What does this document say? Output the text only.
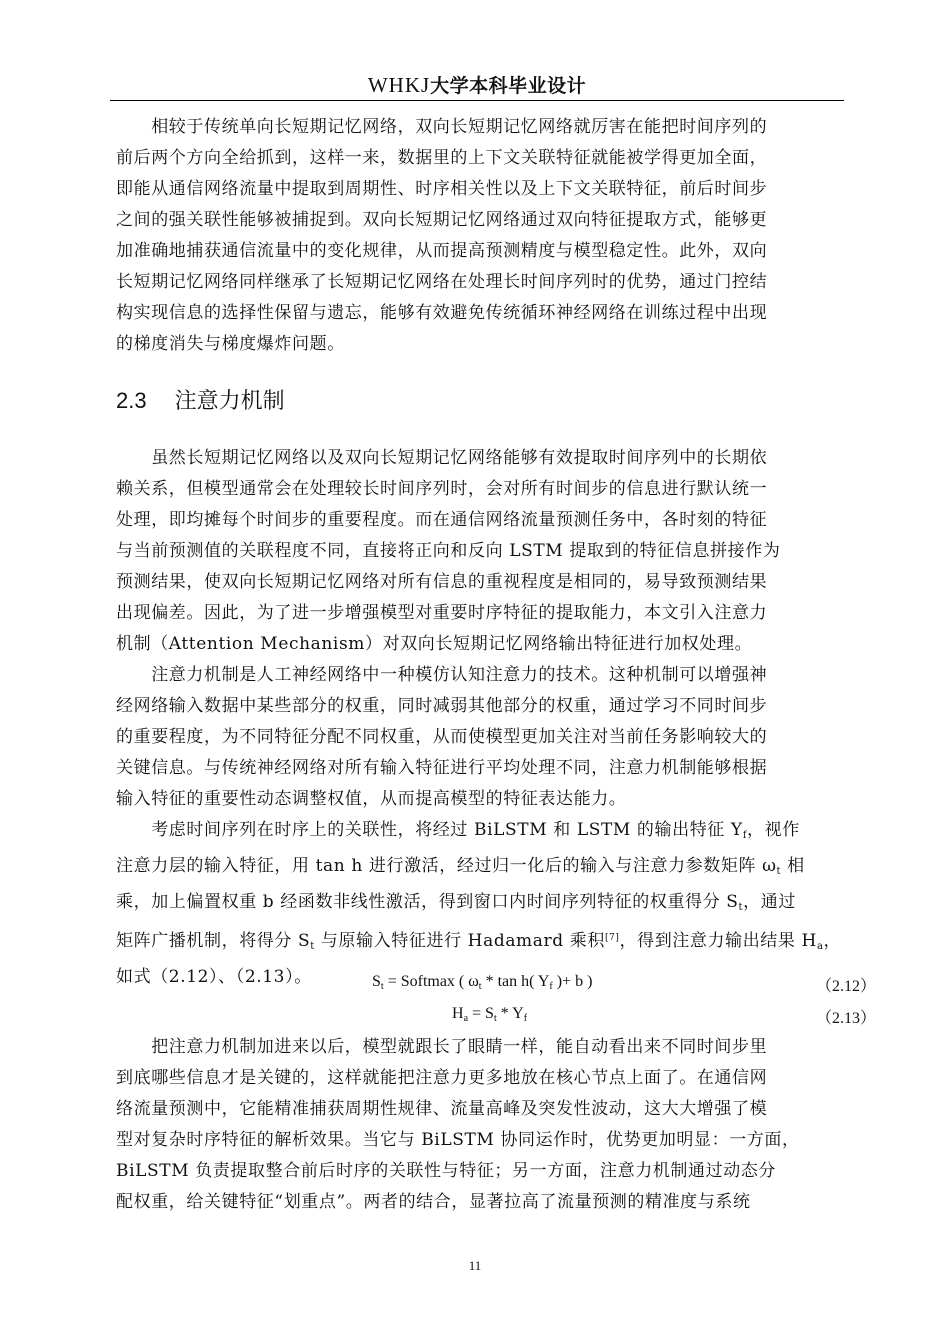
WHKJ大学本科毕业设计
　　相较于传统单向长短期记忆网络，双向长短期记忆网络就厉害在能把时间序列的
前后两个方向全给抓到，这样一来，数据里的上下文关联特征就能被学得更加全面，
即能从通信网络流量中提取到周期性、时序相关性以及上下文关联特征，前后时间步
之间的强关联性能够被捕捉到。双向长短期记忆网络通过双向特征提取方式，能够更
加准确地捕获通信流量中的变化规律，从而提高预测精度与模型稳定性。此外，双向
长短期记忆网络同样继承了长短期记忆网络在处理长时间序列时的优势，通过门控结
构实现信息的选择性保留与遗忘，能够有效避免传统循环神经网络在训练过程中出现
的梯度消失与梯度爆炸问题。
2.3 注意力机制
　　虽然长短期记忆网络以及双向长短期记忆网络能够有效提取时间序列中的长期依
赖关系，但模型通常会在处理较长时间序列时，会对所有时间步的信息进行默认统一
处理，即均摊每个时间步的重要程度。而在通信网络流量预测任务中，各时刻的特征
与当前预测值的关联程度不同，直接将正向和反向 LSTM 提取到的特征信息拼接作为
预测结果，使双向长短期记忆网络对所有信息的重视程度是相同的，易导致预测结果
出现偏差。因此，为了进一步增强模型对重要时序特征的提取能力，本文引入注意力
机制（Attention Mechanism）对双向长短期记忆网络输出特征进行加权处理。
　　注意力机制是人工神经网络中一种模仿认知注意力的技术。这种机制可以增强神
经网络输入数据中某些部分的权重，同时减弱其他部分的权重，通过学习不同时间步
的重要程度，为不同特征分配不同权重，从而使模型更加关注对当前任务影响较大的
关键信息。与传统神经网络对所有输入特征进行平均处理不同，注意力机制能够根据
输入特征的重要性动态调整权值，从而提高模型的特征表达能力。
　　考虑时间序列在时序上的关联性，将经过 BiLSTM 和 LSTM 的输出特征 $Y_f$，视作
注意力层的输入特征，用 tan h 进行激活，经过归一化后的输入与注意力参数矩阵 $\omega_t$ 相
乘，加上偏置权重 b 经函数非线性激活，得到窗口内时间序列特征的权重得分 $S_t$，通过
矩阵广播机制，将得分 $S_t$ 与原输入特征进行 Hadamard 乘积[7]，得到注意力输出结果 $H_a$，
如式（2.12）、（2.13）。	$S_t$ = Softmax ( $\omega_t$ * tan h( $Y_f$ )+ b )	（2.12）
$H_a = S_t * Y_f$	（2.13）
　　把注意力机制加进来以后，模型就跟长了眼睛一样，能自动看出来不同时间步里
到底哪些信息才是关键的，这样就能把注意力更多地放在核心节点上面了。在通信网
络流量预测中，它能精准捕获周期性规律、流量高峰及突发性波动，这大大增强了模
型对复杂时序特征的解析效果。当它与 BiLSTM 协同运作时，优势更加明显：一方面，
BiLSTM 负责提取整合前后时序的关联性与特征；另一方面，注意力机制通过动态分
配权重，给关键特征“划重点”。两者的结合，显著拉高了流量预测的精准度与系统
11
